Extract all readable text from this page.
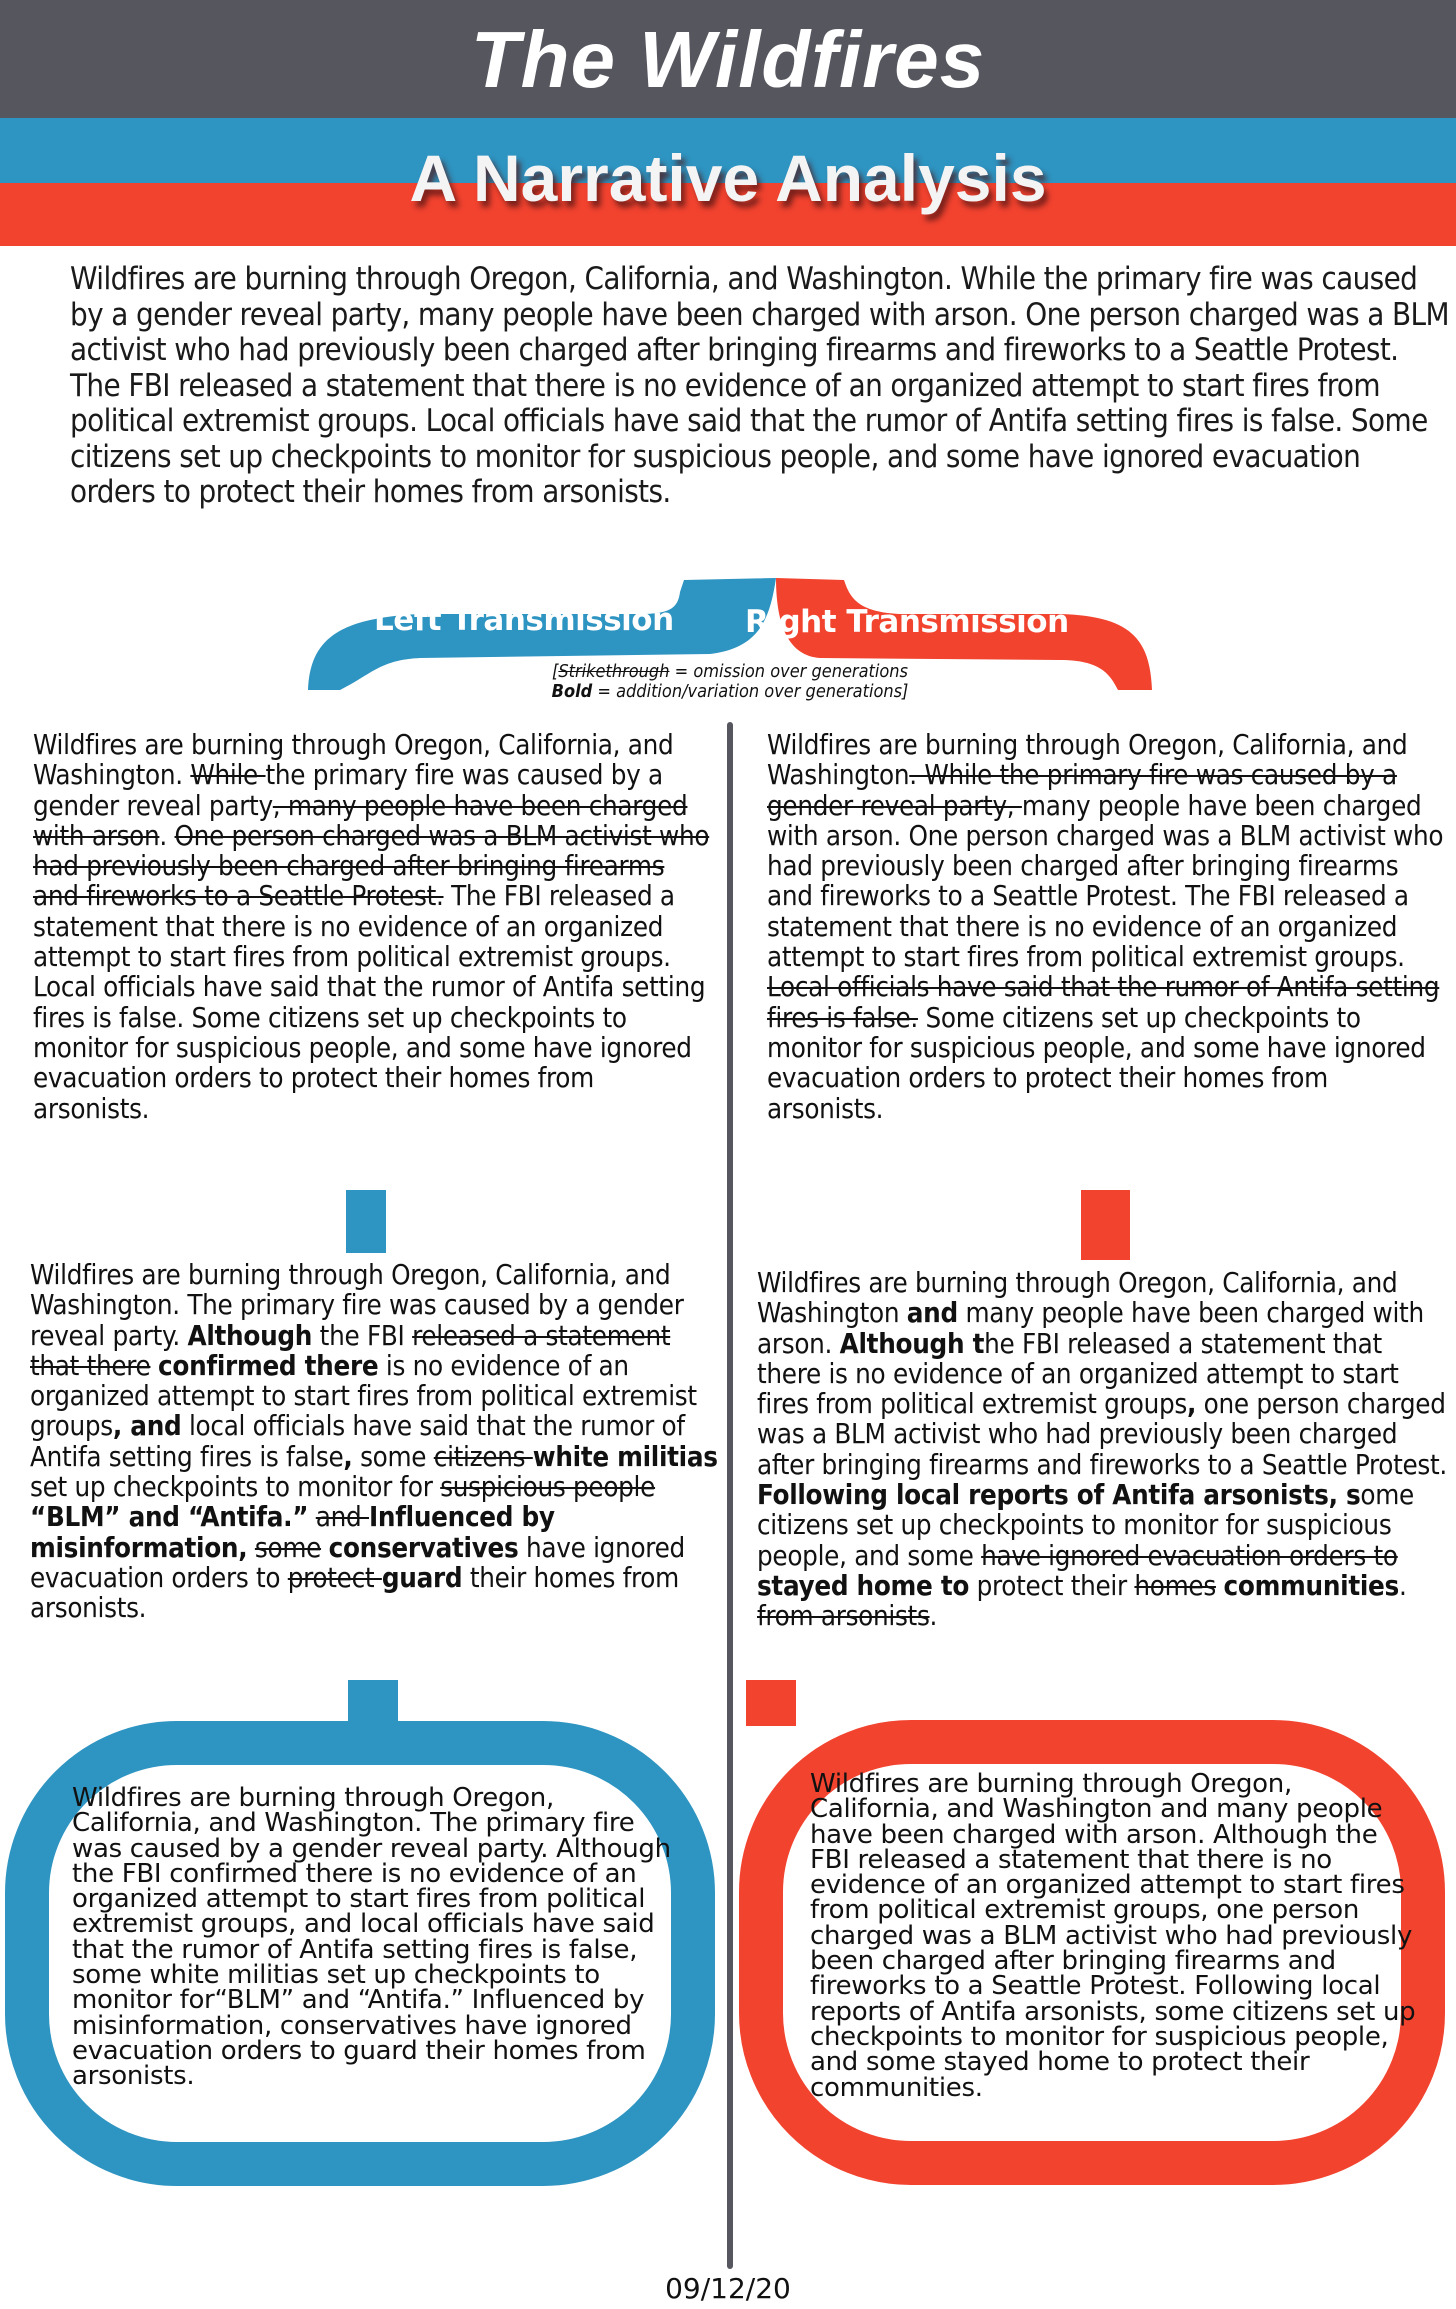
The Wildfires
A Narrative Analysis

Wildfires are burning through Oregon, California, and Washington. While the primary fire was caused by a gender reveal party, many people have been charged with arson. One person charged was a BLM activist who had previously been charged after bringing firearms and fireworks to a Seattle Protest. The FBI released a statement that there is no evidence of an organized attempt to start fires from political extremist groups. Local officials have said that the rumor of Antifa setting fires is false. Some citizens set up checkpoints to monitor for suspicious people, and some have ignored evacuation orders to protect their homes from arsonists.

Left Transmission Right Transmission
[Strikethrough = omission over generations
Bold = addition/variation over generations]

Wildfires are burning through Oregon, California, and Washington. While the primary fire was caused by a gender reveal party, many people have been charged with arson. One person charged was a BLM activist who had previously been charged after bringing firearms and fireworks to a Seattle Protest. The FBI released a statement that there is no evidence of an organized attempt to start fires from political extremist groups. Local officials have said that the rumor of Antifa setting fires is false. Some citizens set up checkpoints to monitor for suspicious people, and some have ignored evacuation orders to protect their homes from arsonists.

Wildfires are burning through Oregon, California, and Washington. While the primary fire was caused by a gender reveal party, many people have been charged with arson. One person charged was a BLM activist who had previously been charged after bringing firearms and fireworks to a Seattle Protest. The FBI released a statement that there is no evidence of an organized attempt to start fires from political extremist groups. Local officials have said that the rumor of Antifa setting fires is false. Some citizens set up checkpoints to monitor for suspicious people, and some have ignored evacuation orders to protect their homes from arsonists.

Wildfires are burning through Oregon, California, and Washington. The primary fire was caused by a gender reveal party. Although the FBI released a statement that there confirmed there is no evidence of an organized attempt to start fires from political extremist groups, and local officials have said that the rumor of Antifa setting fires is false, some citizens white militias set up checkpoints to monitor for suspicious people “BLM” and “Antifa.” and Influenced by misinformation, some conservatives have ignored evacuation orders to protect guard their homes from arsonists.

Wildfires are burning through Oregon, California, and Washington and many people have been charged with arson. Although the FBI released a statement that there is no evidence of an organized attempt to start fires from political extremist groups, one person charged was a BLM activist who had previously been charged after bringing firearms and fireworks to a Seattle Protest. Following local reports of Antifa arsonists, some citizens set up checkpoints to monitor for suspicious people, and some have ignored evacuation orders to stayed home to protect their homes communities. from arsonists.

Wildfires are burning through Oregon, California, and Washington. The primary fire was caused by a gender reveal party. Although the FBI confirmed there is no evidence of an organized attempt to start fires from political extremist groups, and local officials have said that the rumor of Antifa setting fires is false, some white militias set up checkpoints to monitor for“BLM” and “Antifa.” Influenced by misinformation, conservatives have ignored evacuation orders to guard their homes from arsonists.

Wildfires are burning through Oregon, California, and Washington and many people have been charged with arson. Although the FBI released a statement that there is no evidence of an organized attempt to start fires from political extremist groups, one person charged was a BLM activist who had previously been charged after bringing firearms and fireworks to a Seattle Protest. Following local reports of Antifa arsonists, some citizens set up checkpoints to monitor for suspicious people, and some stayed home to protect their communities.

09/12/20
